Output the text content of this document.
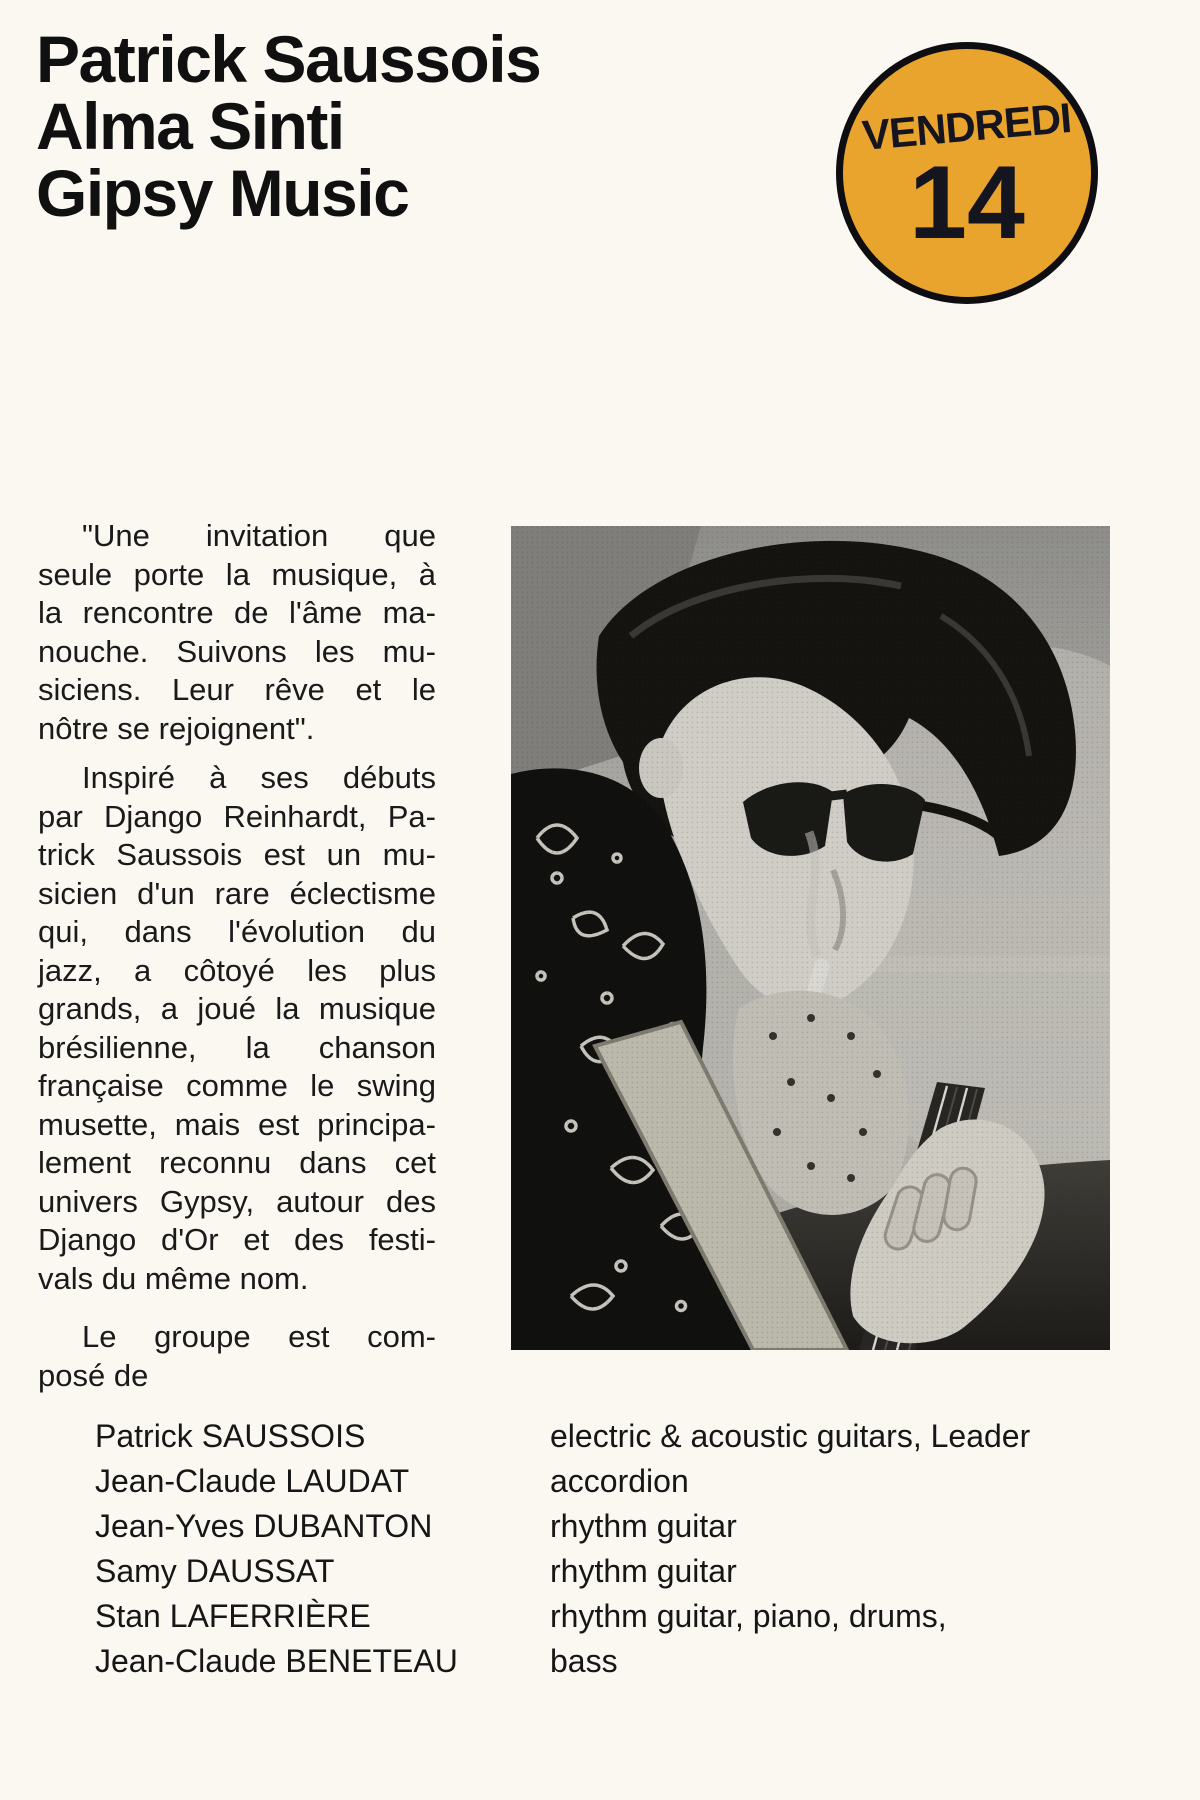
Patrick Saussois
Alma Sinti
Gipsy Music
VENDREDI
14

"Une invitation que
seule porte la musique, à
la rencontre de l'âme ma-
nouche. Suivons les mu-
siciens. Leur rêve et le
nôtre se rejoignent".

Inspiré à ses débuts
par Django Reinhardt, Pa-
trick Saussois est un mu-
sicien d'un rare éclectisme
qui, dans l'évolution du
jazz, a côtoyé les plus
grands, a joué la musique
brésilienne, la chanson
française comme le swing
musette, mais est principa-
lement reconnu dans cet
univers Gypsy, autour des
Django d'Or et des festi-
vals du même nom.

Le groupe est com-
posé de

Patrick SAUSSOIS	electric & acoustic guitars, Leader
Jean-Claude LAUDAT	accordion
Jean-Yves DUBANTON	rhythm guitar
Samy DAUSSAT	rhythm guitar
Stan LAFERRIÈRE	rhythm guitar, piano, drums,
Jean-Claude BENETEAU	bass
